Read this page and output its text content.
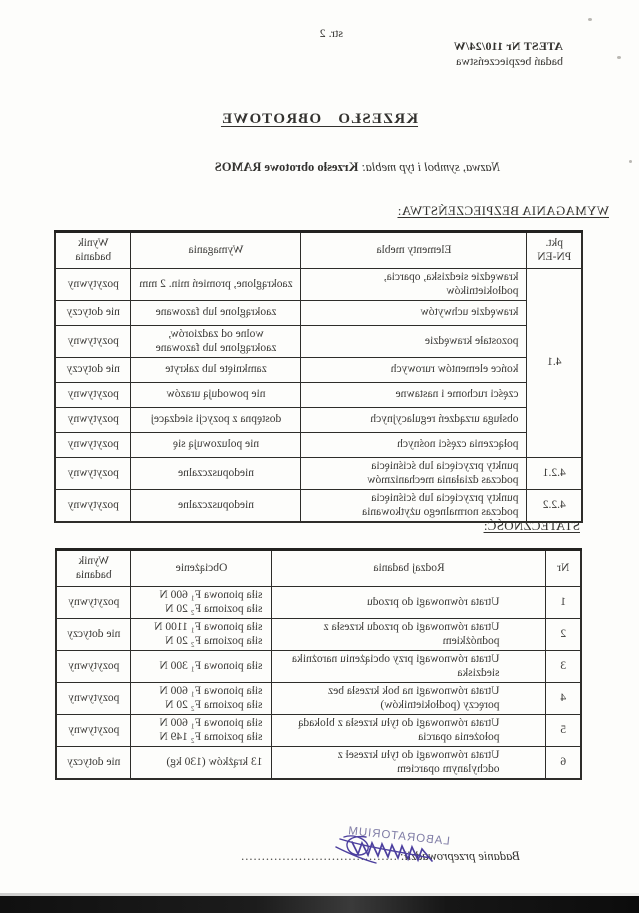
ATEST Nr 110/24/W
badań bezpieczeństwa
str. 2
KRZESŁO OBROTOWE
Nazwa, symbol i typ mebla: Krzesło obrotowe RAMOS
WYMAGANIA BEZPIECZEŃSTWA:
pkt.
PN-EN	Elementy mebla	Wymagania	Wynik
badania
4.1	krawędzie siedziska, oparcia,
podłokietników	zaokrąglone, promień min. 2 mm	pozytywny
	krawędzie uchwytów	zaokrąglone lub fazowane	nie dotyczy
	pozostałe krawędzie	wolne od zadziorów,
zaokrąglone lub fazowane	pozytywny
	końce elementów rurowych	zamknięte lub zakryte	nie dotyczy
	części ruchome i nastawne	nie powodują urazów	pozytywny
	obsługa urządzeń regulacyjnych	dostępna z pozycji siedzącej	pozytywny
	połączenia części nośnych	nie poluzowują się	pozytywny
4.2.1	punkty przycięcia lub ściśnięcia
podczas działania mechanizmów	niedopuszczalne	pozytywny
4.2.2	punkty przycięcia lub ściśnięcia
podczas normalnego użytkowania	niedopuszczalne	pozytywny
STATECZNOŚĆ:
Nr	Rodzaj badania	Obciążenie	Wynik
badania
1	Utrata równowagi do przodu	siła pionowa F₁ 600 N
siła pozioma F₂ 20 N	pozytywny
2	Utrata równowagi do przodu krzesła z
podnóżkiem	siła pionowa F₁ 1100 N
siła pozioma F₂ 20 N	nie dotyczy
3	Utrata równowagi przy obciążeniu narożnika
siedziska	siła pionowa F₁ 300 N	pozytywny
4	Utrata równowagi na bok krzesła bez
poręczy (podłokietników)	siła pionowa F₁ 600 N
siła pozioma F₂ 20 N	pozytywny
5	Utrata równowagi do tyłu krzesła z blokadą
położenia oparcia	siła pionowa F₁ 600 N
siła pozioma F₂ 149 N	pozytywny
6	Utrata równowagi do tyłu krzeseł z
odchylanym oparciem	13 krążków (130 kg)	nie dotyczy
Badanie przeprowadził: ......................................
LABORATORIUM
